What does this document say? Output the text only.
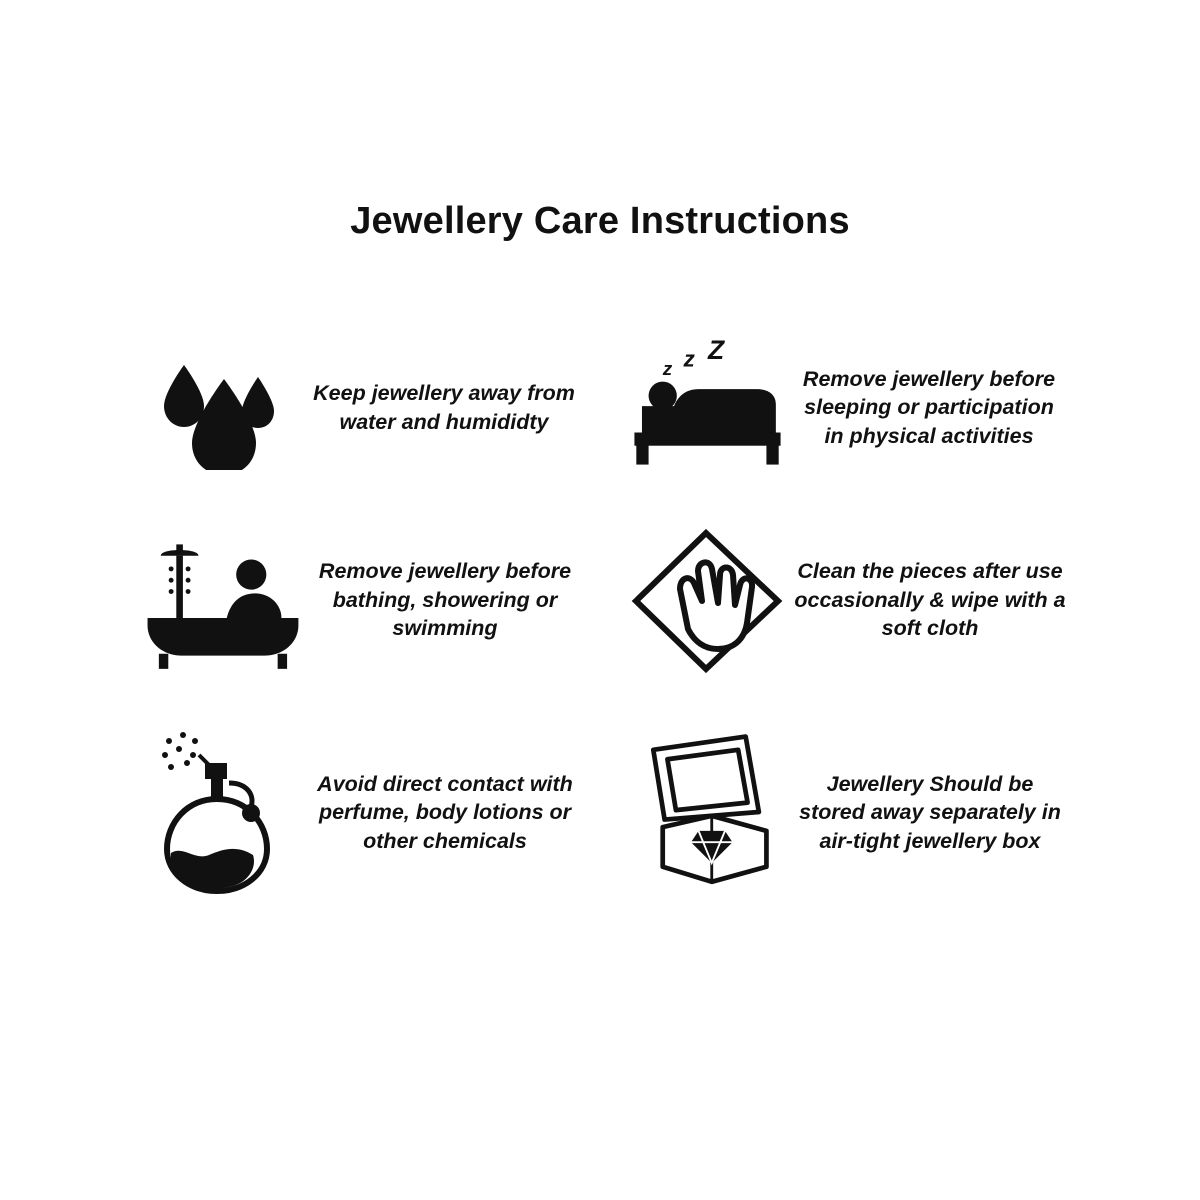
Jewellery Care Instructions
Keep jewellery away from water and humididty
z z Z
Remove jewellery before sleeping or participation in physical activities
Remove jewellery before bathing, showering or swimming
Clean the pieces after use occasionally & wipe with a soft cloth
Avoid direct contact with perfume, body lotions or other chemicals
Jewellery Should be stored away separately in air-tight jewellery box
